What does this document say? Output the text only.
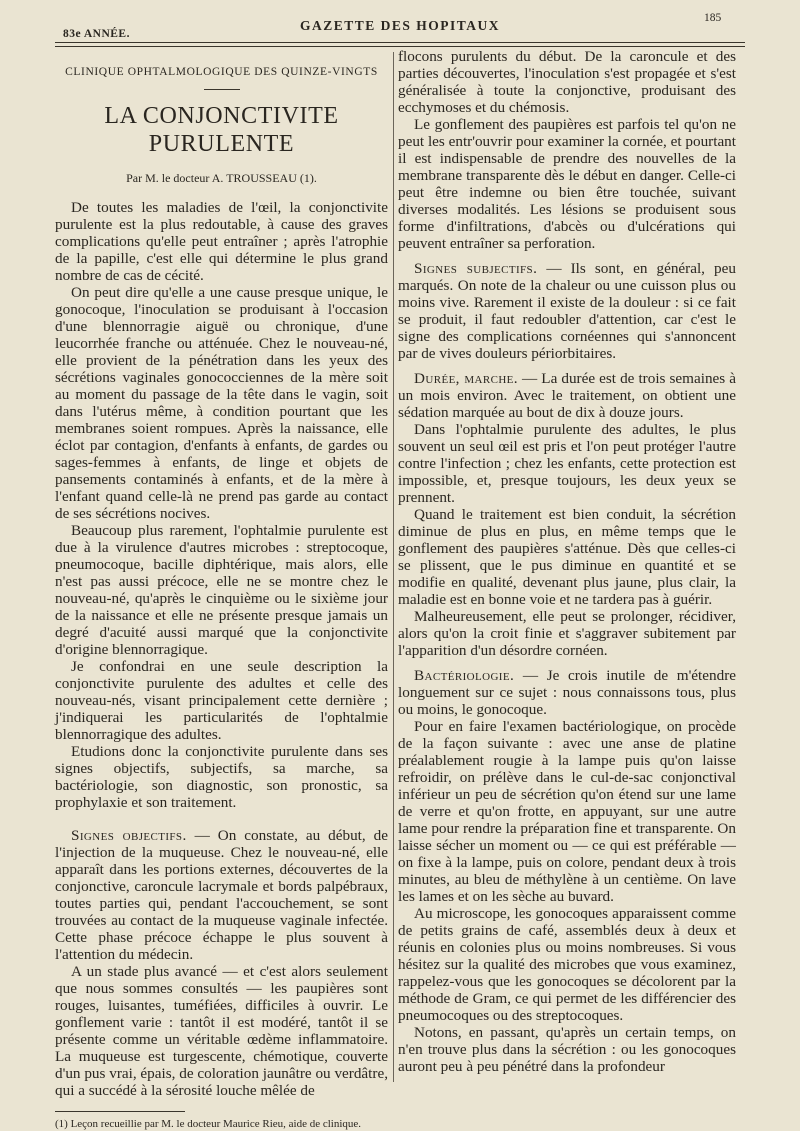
83e ANNÉE.
GAZETTE DES HOPITAUX	185
CLINIQUE OPHTALMOLOGIQUE DES QUINZE-VINGTS
LA CONJONCTIVITE PURULENTE
Par M. le docteur A. TROUSSEAU (1).

De toutes les maladies de l'œil, la conjonctivite purulente est la plus redoutable, à cause des graves complications qu'elle peut entraîner ; après l'atrophie de la papille, c'est elle qui détermine le plus grand nombre de cas de cécité.

On peut dire qu'elle a une cause presque unique, le gonocoque, l'inoculation se produisant à l'occasion d'une blennorragie aiguë ou chronique, d'une leucorrhée franche ou atténuée. Chez le nouveau-né, elle provient de la pénétration dans les yeux des sécrétions vaginales gonococciennes de la mère soit au moment du passage de la tête dans le vagin, soit dans l'utérus même, à condition pourtant que les membranes soient rompues. Après la naissance, elle éclot par contagion, d'enfants à enfants, de gardes ou sages-femmes à enfants, de linge et objets de pansements contaminés à enfants, et de la mère à l'enfant quand celle-là ne prend pas garde au contact de ses sécrétions nocives.

Beaucoup plus rarement, l'ophtalmie purulente est due à la virulence d'autres microbes : streptocoque, pneumocoque, bacille diphtérique, mais alors, elle n'est pas aussi précoce, elle ne se montre chez le nouveau-né, qu'après le cinquième ou le sixième jour de la naissance et elle ne présente presque jamais un degré d'acuité aussi marqué que la conjonctivite d'origine blennorragique.

Je confondrai en une seule description la conjonctivite purulente des adultes et celle des nouveau-nés, visant principalement cette dernière ; j'indiquerai les particularités de l'ophtalmie blennorragique des adultes.

Etudions donc la conjonctivite purulente dans ses signes objectifs, subjectifs, sa marche, sa bactériologie, son diagnostic, son pronostic, sa prophylaxie et son traitement.

Signes objectifs. — On constate, au début, de l'injection de la muqueuse. Chez le nouveau-né, elle apparaît dans les portions externes, découvertes de la conjonctive, caroncule lacrymale et bords palpébraux, toutes parties qui, pendant l'accouchement, se sont trouvées au contact de la muqueuse vaginale infectée. Cette phase précoce échappe le plus souvent à l'attention du médecin.

A un stade plus avancé — et c'est alors seulement que nous sommes consultés — les paupières sont rouges, luisantes, tuméfiées, difficiles à ouvrir. Le gonflement varie : tantôt il est modéré, tantôt il se présente comme un véritable œdème inflammatoire. La muqueuse est turgescente, chémotique, couverte d'un pus vrai, épais, de coloration jaunâtre ou verdâtre, qui a succédé à la sérosité louche mêlée de

(1) Leçon recueillie par M. le docteur Maurice Rieu, aide de clinique.

flocons purulents du début. De la caroncule et des parties découvertes, l'inoculation s'est propagée et s'est généralisée à toute la conjonctive, produisant des ecchymoses et du chémosis.

Le gonflement des paupières est parfois tel qu'on ne peut les entr'ouvrir pour examiner la cornée, et pourtant il est indispensable de prendre des nouvelles de la membrane transparente dès le début en danger. Celle-ci peut être indemne ou bien être touchée, suivant diverses modalités. Les lésions se produisent sous forme d'infiltrations, d'abcès ou d'ulcérations qui peuvent entraîner sa perforation.

Signes subjectifs. — Ils sont, en général, peu marqués. On note de la chaleur ou une cuisson plus ou moins vive. Rarement il existe de la douleur : si ce fait se produit, il faut redoubler d'attention, car c'est le signe des complications cornéennes qui s'annoncent par de vives douleurs périorbitaires.

Durée, marche. — La durée est de trois semaines à un mois environ. Avec le traitement, on obtient une sédation marquée au bout de dix à douze jours.

Dans l'ophtalmie purulente des adultes, le plus souvent un seul œil est pris et l'on peut protéger l'autre contre l'infection ; chez les enfants, cette protection est impossible, et, presque toujours, les deux yeux se prennent.

Quand le traitement est bien conduit, la sécrétion diminue de plus en plus, en même temps que le gonflement des paupières s'atténue. Dès que celles-ci se plissent, que le pus diminue en quantité et se modifie en qualité, devenant plus jaune, plus clair, la maladie est en bonne voie et ne tardera pas à guérir.

Malheureusement, elle peut se prolonger, récidiver, alors qu'on la croit finie et s'aggraver subitement par l'apparition d'un désordre cornéen.

Bactériologie. — Je crois inutile de m'étendre longuement sur ce sujet : nous connaissons tous, plus ou moins, le gonocoque.

Pour en faire l'examen bactériologique, on procède de la façon suivante : avec une anse de platine préalablement rougie à la lampe puis qu'on laisse refroidir, on prélève dans le cul-de-sac conjonctival inférieur un peu de sécrétion qu'on étend sur une lame de verre et qu'on frotte, en appuyant, sur une autre lame pour rendre la préparation fine et transparente. On laisse sécher un moment ou — ce qui est préférable — on fixe à la lampe, puis on colore, pendant deux à trois minutes, au bleu de méthylène à un centième. On lave les lames et on les sèche au buvard.

Au microscope, les gonocoques apparaissent comme de petits grains de café, assemblés deux à deux et réunis en colonies plus ou moins nombreuses. Si vous hésitez sur la qualité des microbes que vous examinez, rappelez-vous que les gonocoques se décolorent par la méthode de Gram, ce qui permet de les différencier des pneumocoques ou des streptocoques.

Notons, en passant, qu'après un certain temps, on n'en trouve plus dans la sécrétion : ou les gonocoques auront peu à peu pénétré dans la profondeur
